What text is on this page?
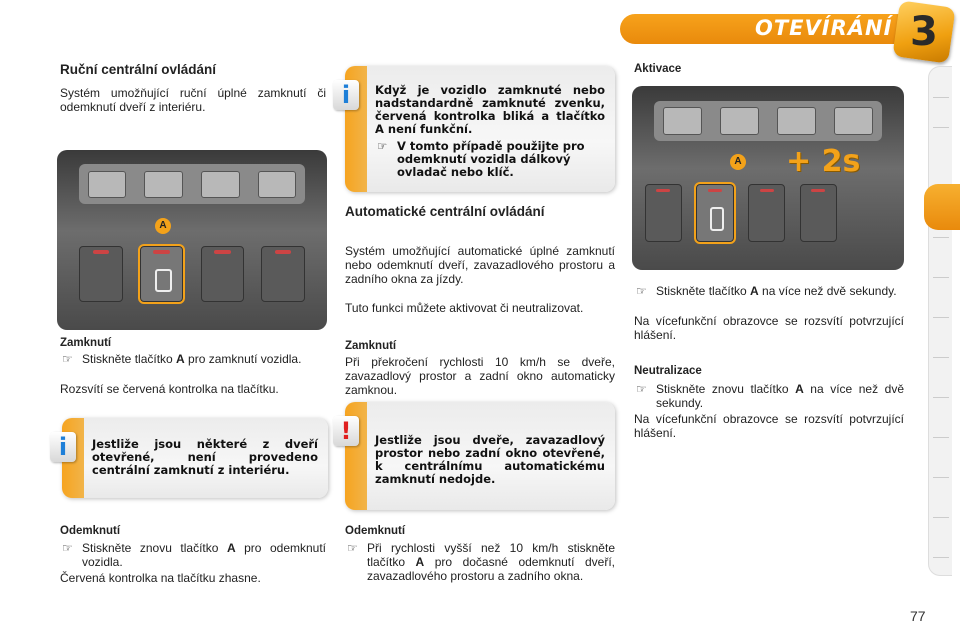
OTEVÍRÁNÍ 3
Ruční centrální ovládání
Systém umožňující ruční úplné zamknutí či odemknutí dveří z interiéru.
A
Zamknutí
☞ Stiskněte tlačítko A pro zamknutí vozidla.
Rozsvítí se červená kontrolka na tlačítku.
i	Jestliže jsou některé z dveří otevřené, není provedeno centrální zamknutí z interiéru.
Odemknutí
☞ Stiskněte znovu tlačítko A pro odemknutí vozidla.
Červená kontrolka na tlačítku zhasne.
i	Když je vozidlo zamknuté nebo nadstandardně zamknuté zvenku, červená kontrolka bliká a tlačítko A není funkční.
☞ V tomto případě použijte pro odemknutí vozidla dálkový ovladač nebo klíč.
Automatické centrální ovládání
Systém umožňující automatické úplné zamknutí nebo odemknutí dveří, zavazadlového prostoru a zadního okna za jízdy.
Tuto funkci můžete aktivovat či neutralizovat.
Zamknutí
Při překročení rychlosti 10 km/h se dveře, zavazadlový prostor a zadní okno automaticky zamknou.
!	Jestliže jsou dveře, zavazadlový prostor nebo zadní okno otevřené, k centrálnímu automatickému zamknutí nedojde.
Odemknutí
☞ Při rychlosti vyšší než 10 km/h stiskněte tlačítko A pro dočasné odemknutí dveří, zavazadlového prostoru a zadního okna.
Aktivace
A + 2s
☞ Stiskněte tlačítko A na více než dvě sekundy.
Na vícefunkční obrazovce se rozsvítí potvrzující hlášení.
Neutralizace
☞ Stiskněte znovu tlačítko A na více než dvě sekundy.
Na vícefunkční obrazovce se rozsvítí potvrzující hlášení.
77
